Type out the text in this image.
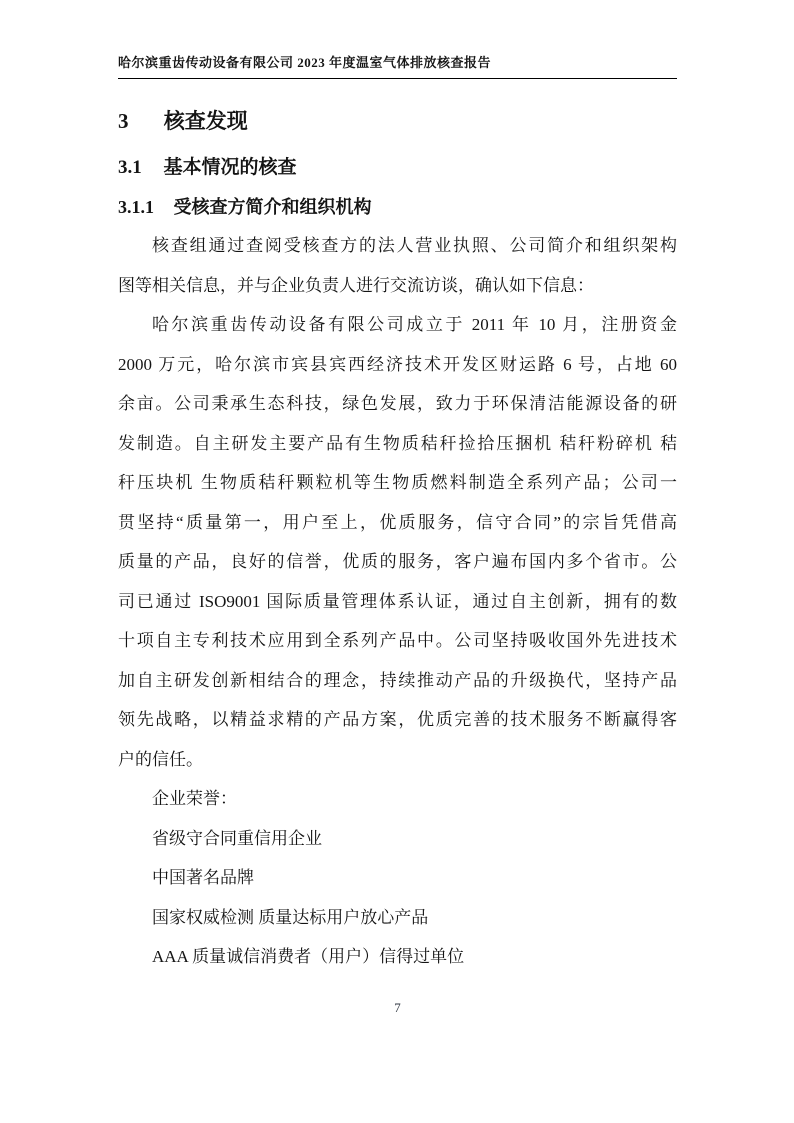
哈尔滨重齿传动设备有限公司 2023 年度温室气体排放核查报告
3 核查发现
3.1 基本情况的核查
3.1.1 受核查方简介和组织机构
核查组通过查阅受核查方的法人营业执照、公司简介和组织架构
图等相关信息，并与企业负责人进行交流访谈，确认如下信息：
哈尔滨重齿传动设备有限公司成立于 2011 年 10 月，注册资金
2000 万元，哈尔滨市宾县宾西经济技术开发区财运路 6 号，占地 60
余亩。公司秉承生态科技，绿色发展，致力于环保清洁能源设备的研
发制造。自主研发主要产品有生物质秸秆捡拾压捆机 秸秆粉碎机 秸
秆压块机 生物质秸秆颗粒机等生物质燃料制造全系列产品；公司一
贯坚持“质量第一，用户至上，优质服务，信守合同”的宗旨凭借高
质量的产品，良好的信誉，优质的服务，客户遍布国内多个省市。公
司已通过 ISO9001 国际质量管理体系认证，通过自主创新，拥有的数
十项自主专利技术应用到全系列产品中。公司坚持吸收国外先进技术
加自主研发创新相结合的理念，持续推动产品的升级换代，坚持产品
领先战略，以精益求精的产品方案，优质完善的技术服务不断赢得客
户的信任。
企业荣誉：
省级守合同重信用企业
中国著名品牌
国家权威检测 质量达标用户放心产品
AAA 质量诚信消费者（用户）信得过单位
7
